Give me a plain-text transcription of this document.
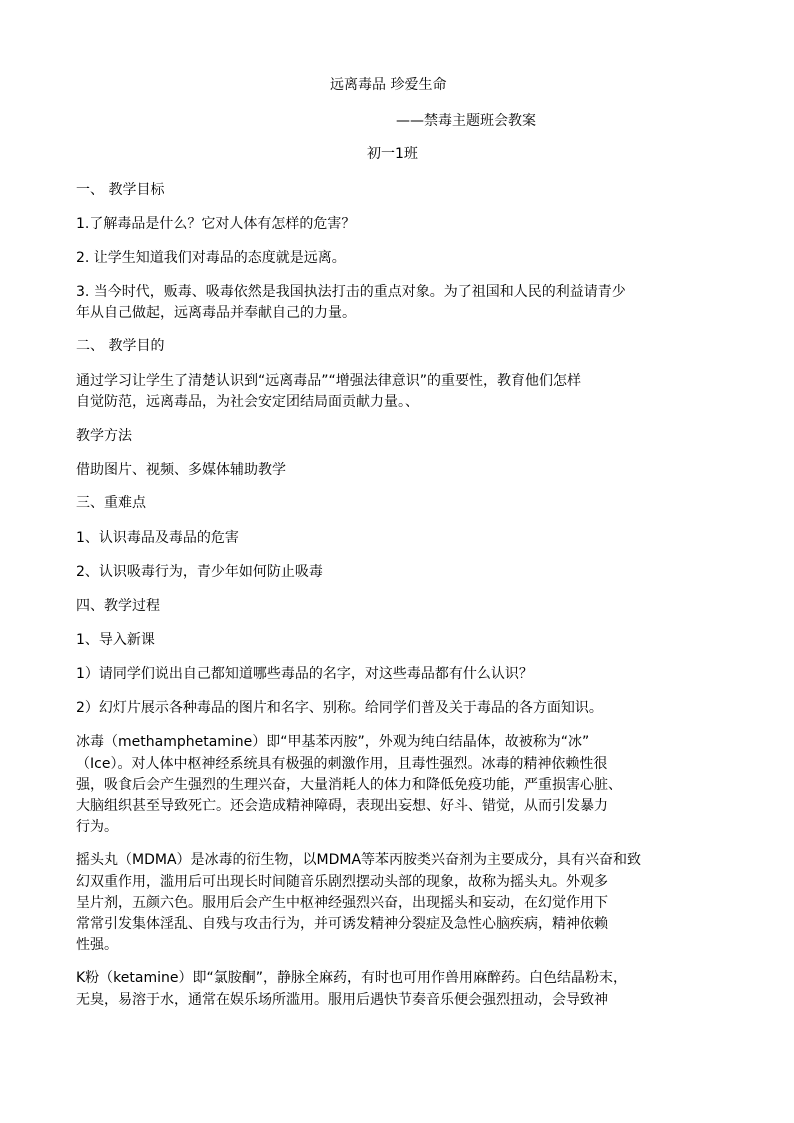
远离毒品 珍爱生命
——禁毒主题班会教案
初一1班
一、 教学目标
1.了解毒品是什么？它对人体有怎样的危害？
2. 让学生知道我们对毒品的态度就是远离。
3. 当今时代，贩毒、吸毒依然是我国执法打击的重点对象。为了祖国和人民的利益请青少
年从自己做起，远离毒品并奉献自己的力量。
二、 教学目的
通过学习让学生了清楚认识到“远离毒品”“增强法律意识”的重要性，教育他们怎样
自觉防范，远离毒品，为社会安定团结局面贡献力量。、
教学方法
借助图片、视频、多媒体辅助教学
三、重难点
1、认识毒品及毒品的危害
2、认识吸毒行为，青少年如何防止吸毒
四、教学过程
1、导入新课
1）请同学们说出自己都知道哪些毒品的名字，对这些毒品都有什么认识？
2）幻灯片展示各种毒品的图片和名字、别称。给同学们普及关于毒品的各方面知识。
冰毒（methamphetamine）即“甲基苯丙胺”，外观为纯白结晶体，故被称为“冰”
（Ice）。对人体中枢神经系统具有极强的刺激作用，且毒性强烈。冰毒的精神依赖性很
强，吸食后会产生强烈的生理兴奋，大量消耗人的体力和降低免疫功能，严重损害心脏、
大脑组织甚至导致死亡。还会造成精神障碍，表现出妄想、好斗、错觉，从而引发暴力
行为。
摇头丸（MDMA）是冰毒的衍生物，以MDMA等苯丙胺类兴奋剂为主要成分，具有兴奋和致
幻双重作用，滥用后可出现长时间随音乐剧烈摆动头部的现象，故称为摇头丸。外观多
呈片剂，五颜六色。服用后会产生中枢神经强烈兴奋，出现摇头和妄动，在幻觉作用下
常常引发集体淫乱、自残与攻击行为，并可诱发精神分裂症及急性心脑疾病，精神依赖
性强。
K粉（ketamine）即“氯胺酮”，静脉全麻药，有时也可用作兽用麻醉药。白色结晶粉末，
无臭，易溶于水，通常在娱乐场所滥用。服用后遇快节奏音乐便会强烈扭动，会导致神
